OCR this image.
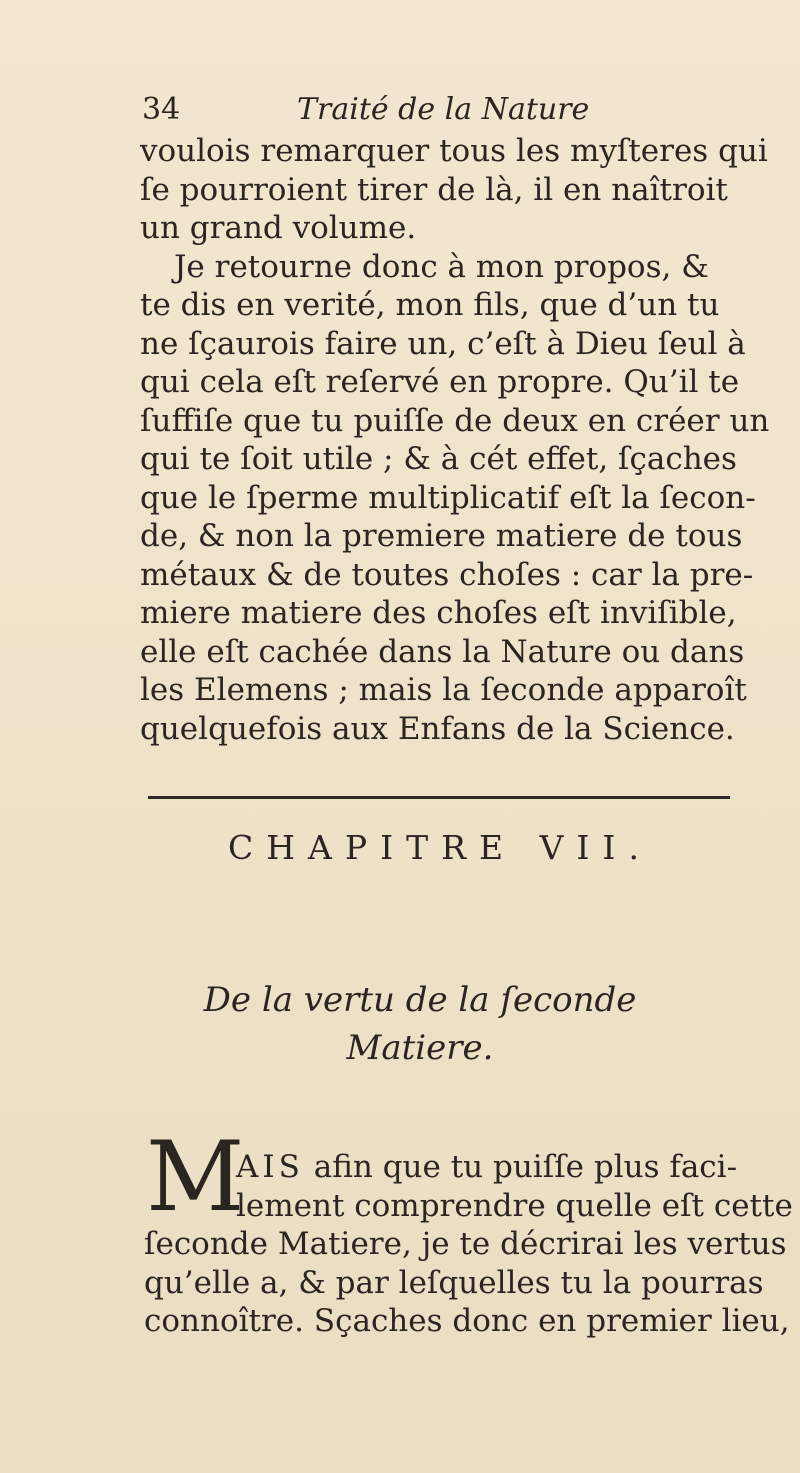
34	Traité de la Nature

voulois remarquer tous les myſteres qui
ſe pourroient tirer de là, il en naîtroit
un grand volume.
Je retourne donc à mon propos, &
te dis en verité, mon fils, que d’un tu
ne ſçaurois faire un, c’eſt à Dieu ſeul à
qui cela eſt reſervé en propre. Qu’il te
ſuffiſe que tu puiſſe de deux en créer un
qui te ſoit utile ; & à cét effet, ſçaches
que le ſperme multiplicatif eſt la ſecon-
de, & non la premiere matiere de tous
métaux & de toutes choſes : car la pre-
miere matiere des choſes eſt inviſible,
elle eſt cachée dans la Nature ou dans
les Elemens ; mais la ſeconde apparoît
quelquefois aux Enfans de la Science.

CHAPITRE VII.
De la vertu de la ſeconde
Matiere.
M

AIS afin que tu puiſſe plus faci-
lement comprendre quelle eſt cette
ſeconde Matiere, je te décrirai les vertus
qu’elle a, & par leſquelles tu la pourras
connoître. Sçaches donc en premier lieu,
